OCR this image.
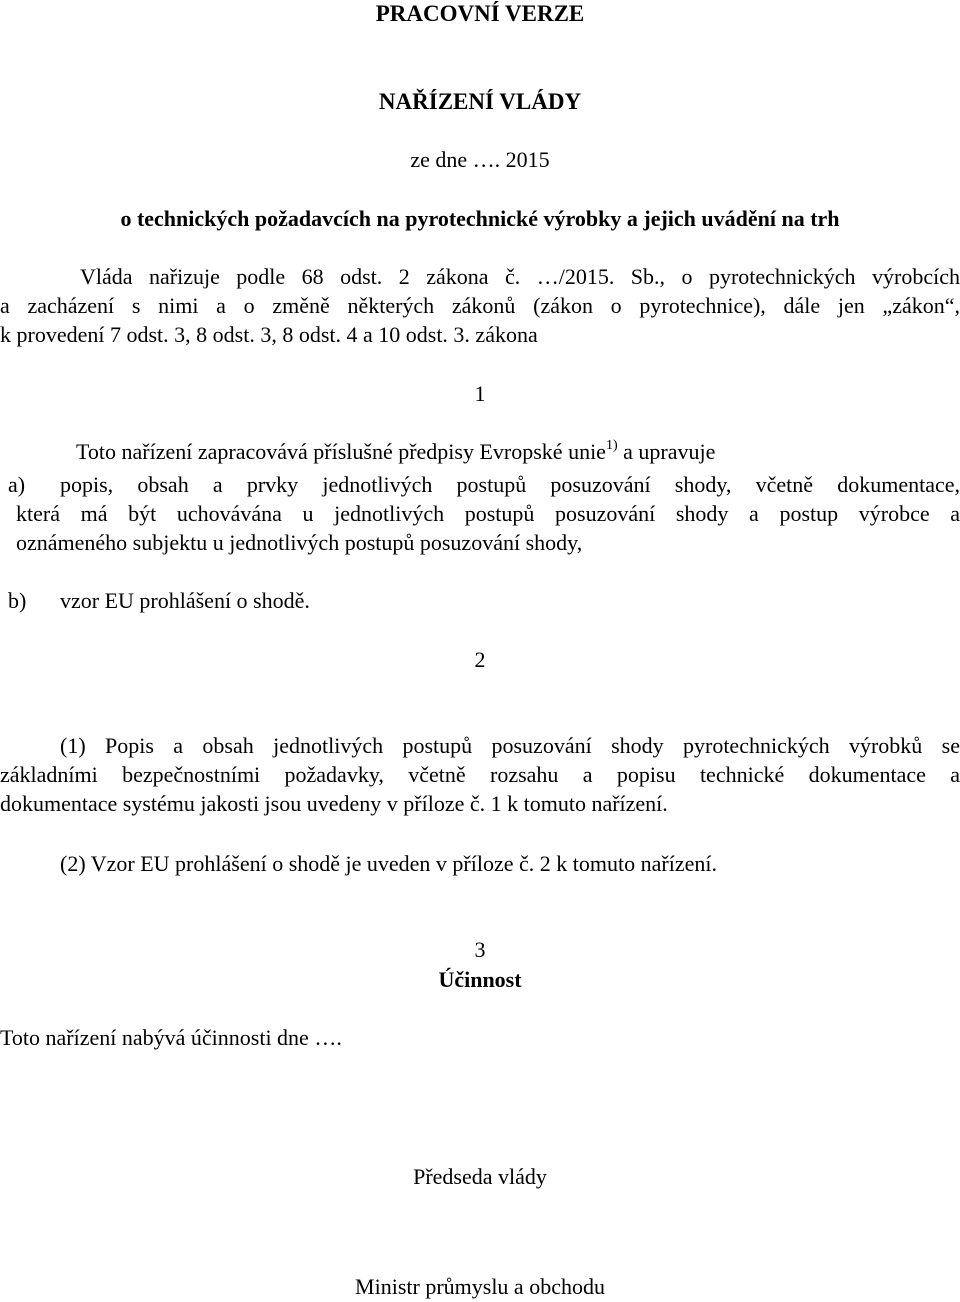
PRACOVNÍ VERZE
NAŘÍZENÍ VLÁDY
ze dne …. 2015
o technických požadavcích na pyrotechnické výrobky a jejich uvádění na trh
Vláda nařizuje podle 68 odst. 2 zákona č. …/2015. Sb., o pyrotechnických výrobcích
a zacházení s nimi a o změně některých zákonů (zákon o pyrotechnice), dále jen „zákon“,
k provedení 7 odst. 3, 8 odst. 3, 8 odst. 4 a 10 odst. 3. zákona
1
Toto nařízení zapracovává příslušné předpisy Evropské unie$^{1)}$ a upravuje
a) popis, obsah a prvky jednotlivých postupů posuzování shody, včetně dokumentace,
která má být uchovávána u jednotlivých postupů posuzování shody a postup výrobce a
oznámeného subjektu u jednotlivých postupů posuzování shody,
b) vzor EU prohlášení o shodě.
2
(1) Popis a obsah jednotlivých postupů posuzování shody pyrotechnických výrobků se
základními bezpečnostními požadavky, včetně rozsahu a popisu technické dokumentace a
dokumentace systému jakosti jsou uvedeny v příloze č. 1 k tomuto nařízení.
(2) Vzor EU prohlášení o shodě je uveden v příloze č. 2 k tomuto nařízení.
3
Účinnost
Toto nařízení nabývá účinnosti dne ….
Předseda vlády
Ministr průmyslu a obchodu
